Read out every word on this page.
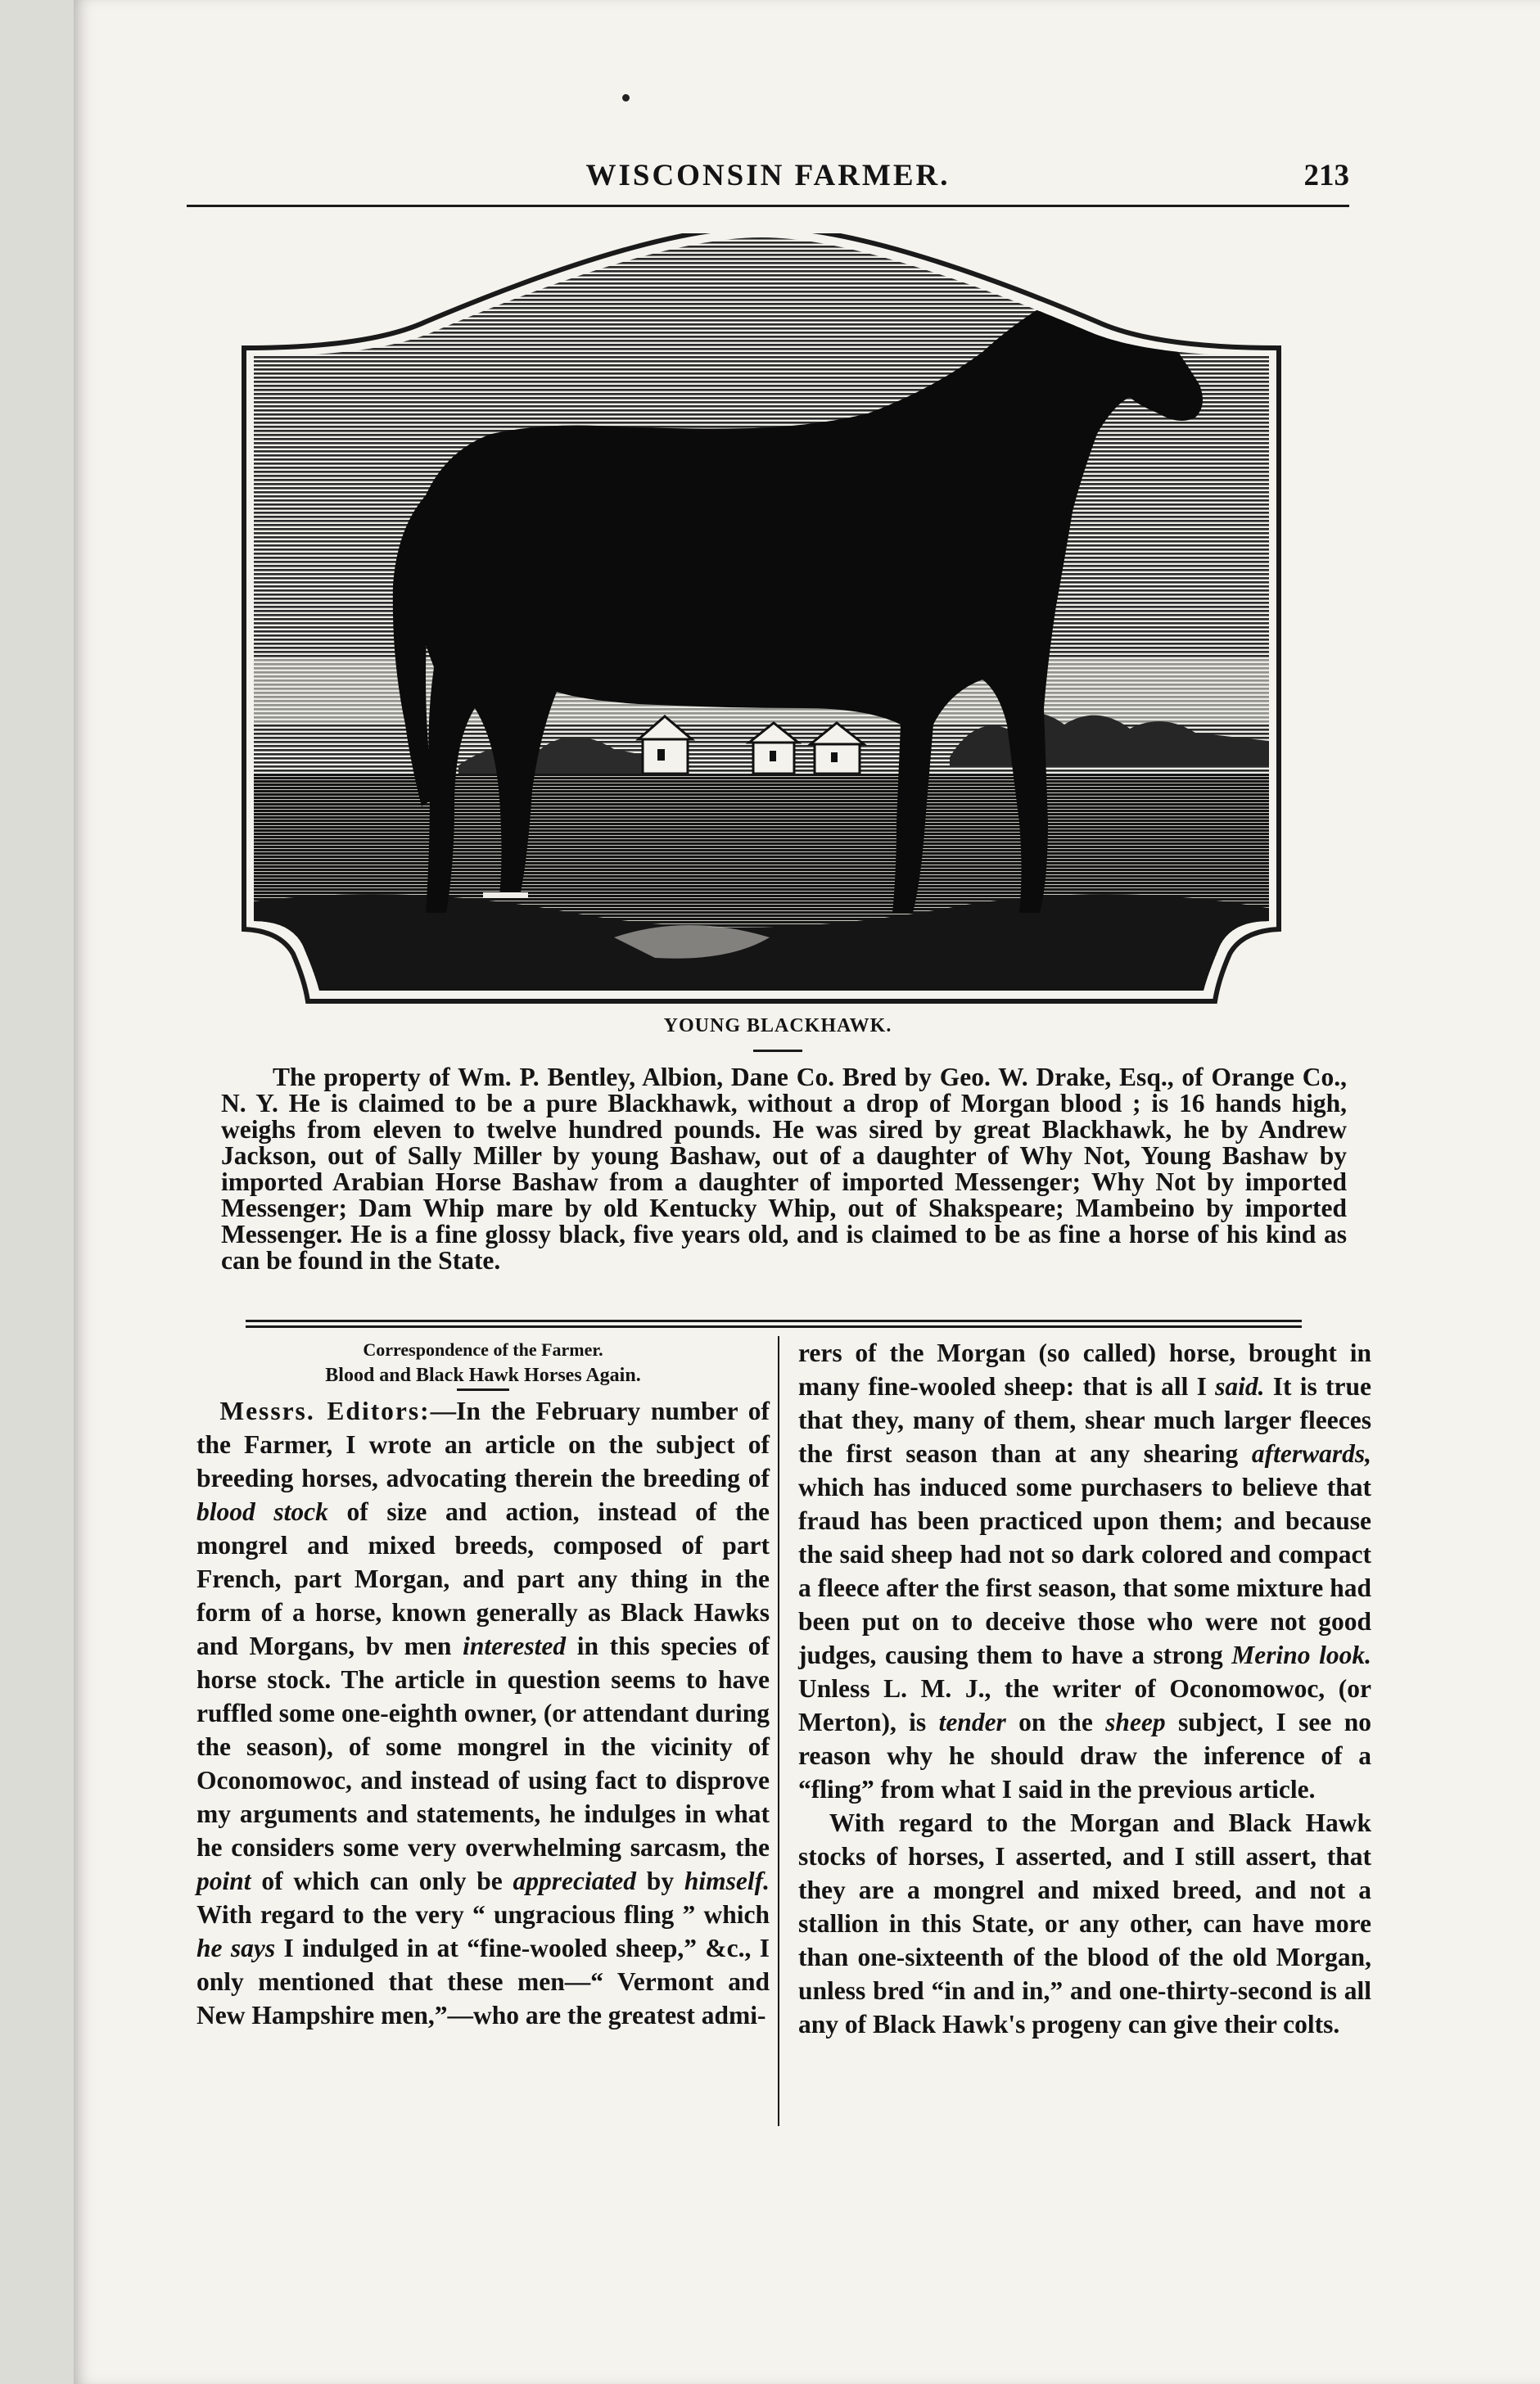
WISCONSIN FARMER.	213
YOUNG BLACKHAWK.

The property of Wm. P. Bentley, Albion, Dane Co. Bred by Geo. W. Drake, Esq., of Orange Co., N. Y. He is claimed to be a pure Blackhawk, without a drop of Morgan blood ; is 16 hands high, weighs from eleven to twelve hundred pounds. He was sired by great Blackhawk, he by Andrew Jackson, out of Sally Miller by young Bashaw, out of a daughter of Why Not, Young Bashaw by imported Arabian Horse Bashaw from a daughter of imported Messenger; Why Not by imported Messenger; Dam Whip mare by old Kentucky Whip, out of Shakspeare; Mambeino by imported Messenger. He is a fine glossy black, five years old, and is claimed to be as fine a horse of his kind as can be found in the State.

Correspondence of the Farmer.
Blood and Black Hawk Horses Again.

Messrs. Editors:—In the February number of the Farmer, I wrote an article on the subject of breeding horses, advocating therein the breeding of blood stock of size and action, instead of the mongrel and mixed breeds, composed of part French, part Morgan, and part any thing in the form of a horse, known generally as Black Hawks and Morgans, bv men interested in this species of horse stock. The article in question seems to have ruffled some one-eighth owner, (or attendant during the season), of some mongrel in the vicinity of Oconomowoc, and instead of using fact to disprove my arguments and statements, he indulges in what he considers some very overwhelming sarcasm, the point of which can only be appreciated by himself. With regard to the very “ ungracious fling ” which he says I indulged in at “fine-wooled sheep,” &c., I only mentioned that these men—“ Vermont and New Hampshire men,”—who are the greatest admi-

rers of the Morgan (so called) horse, brought in many fine-wooled sheep: that is all I said. It is true that they, many of them, shear much larger fleeces the first season than at any shearing afterwards, which has induced some purchasers to believe that fraud has been practiced upon them; and because the said sheep had not so dark colored and compact a fleece after the first season, that some mixture had been put on to deceive those who were not good judges, causing them to have a strong Merino look. Unless L. M. J., the writer of Oconomowoc, (or Merton), is tender on the sheep subject, I see no reason why he should draw the inference of a “fling” from what I said in the previous article.

With regard to the Morgan and Black Hawk stocks of horses, I asserted, and I still assert, that they are a mongrel and mixed breed, and not a stallion in this State, or any other, can have more than one-sixteenth of the blood of the old Morgan, unless bred “in and in,” and one-thirty-second is all any of Black Hawk's progeny can give their colts.
